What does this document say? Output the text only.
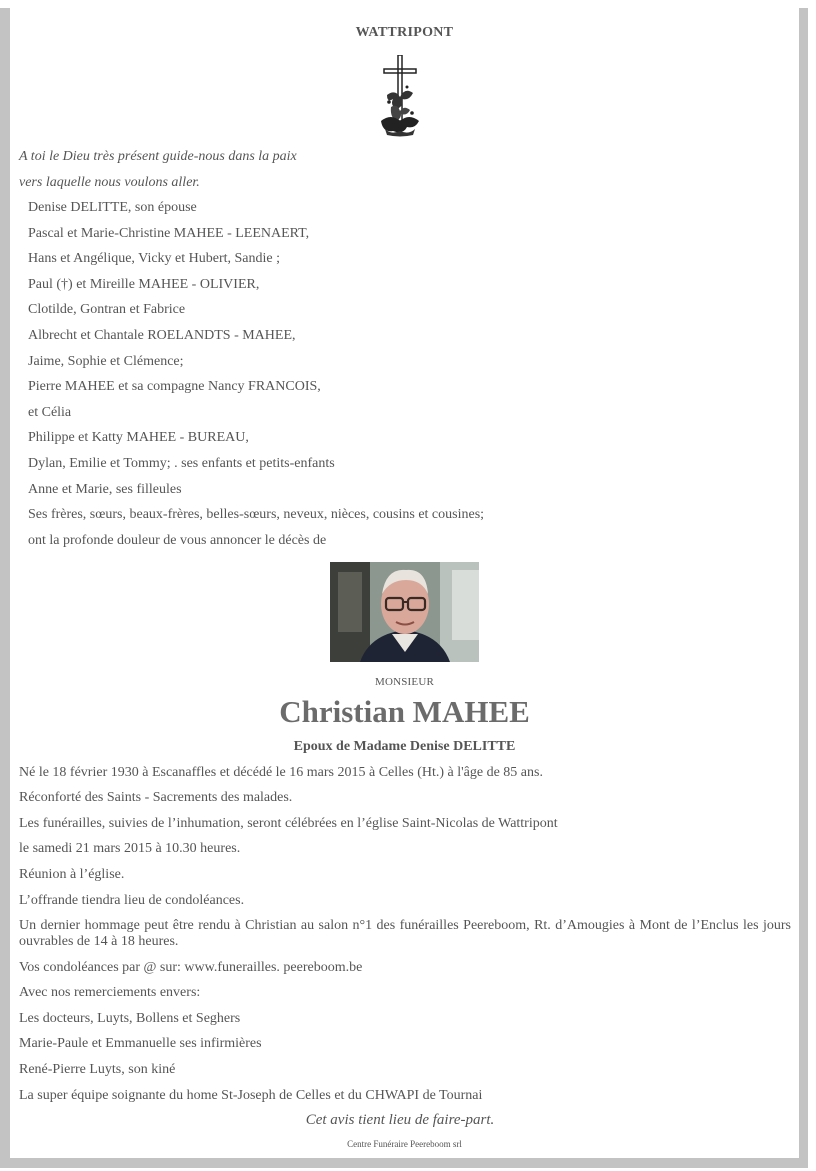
WATTRIPONT
A toi le Dieu très présent guide-nous dans la paix
vers laquelle nous voulons aller.
Denise DELITTE, son épouse
Pascal et Marie-Christine MAHEE - LEENAERT,
Hans et Angélique, Vicky et Hubert, Sandie ;
Paul (†) et Mireille MAHEE - OLIVIER,
Clotilde, Gontran et Fabrice
Albrecht et Chantale ROELANDTS - MAHEE,
Jaime, Sophie et Clémence;
Pierre MAHEE et sa compagne Nancy FRANCOIS,
et Célia
Philippe et Katty MAHEE - BUREAU,
Dylan, Emilie et Tommy; . ses enfants et petits-enfants
Anne et Marie, ses filleules
Ses frères, sœurs, beaux-frères, belles-sœurs, neveux, nièces, cousins et cousines;
ont la profonde douleur de vous annoncer le décès de
MONSIEUR
Christian MAHEE
Epoux de Madame Denise DELITTE
Né le 18 février 1930 à Escanaffles et décédé le 16 mars 2015 à Celles (Ht.) à l'âge de 85 ans.
Réconforté des Saints - Sacrements des malades.
Les funérailles, suivies de l’inhumation, seront célébrées en l’église Saint-Nicolas de Wattripont
le samedi 21 mars 2015 à 10.30 heures.
Réunion à l’église.
L’offrande tiendra lieu de condoléances.
Un dernier hommage peut être rendu à Christian au salon n°1 des funérailles Peereboom, Rt. d’Amougies à Mont de l’Enclus les jours ouvrables de 14 à 18 heures.
Vos condoléances par @ sur: www.funerailles. peereboom.be
Avec nos remerciements envers:
Les docteurs, Luyts, Bollens et Seghers
Marie-Paule et Emmanuelle ses infirmières
René-Pierre Luyts, son kiné
La super équipe soignante du home St-Joseph de Celles et du CHWAPI de Tournai
Cet avis tient lieu de faire-part.
Centre Funéraire Peereboom srl
